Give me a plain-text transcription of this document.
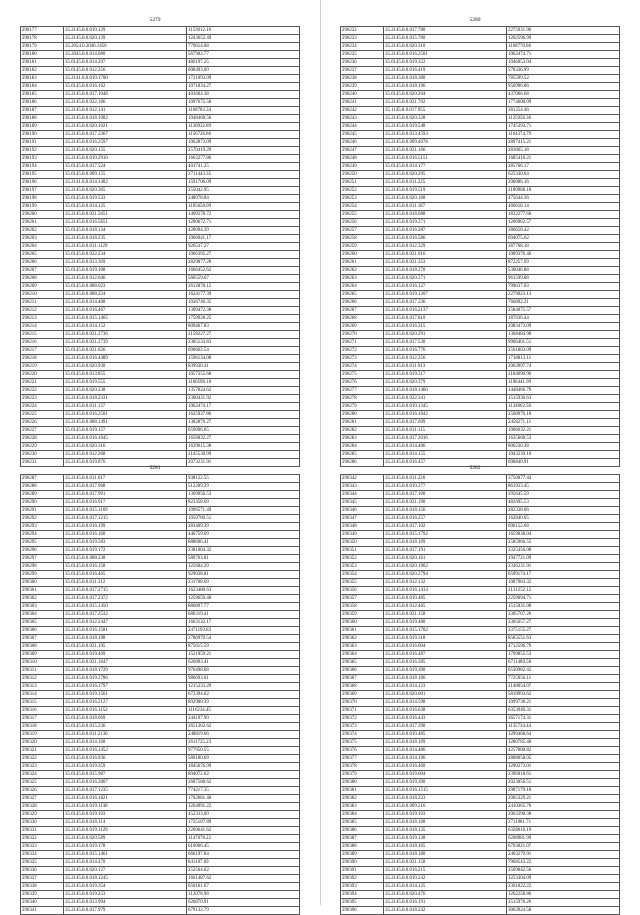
5279
290177	35.2145.8.0.010.129	1153012.16
290178	35.2145.8.0.020.139	1243652.49
290179	35.2054.0.2046.1450	779614.68
290180	35.2045.8.0.014.080	567902.77
290181	35.0145.8.0.014.207	486197.25
290182	35.0145.8.0.012.256	608493.09
290183	35.2141.8.0.010.1700	1721093.09
290184	35.0145.8.0.016.162	1071834.27
290185	35.2145.8.0.017.1048	403684.38
290186	35.2145.8.0.022.186	1097675.58
290187	35.2145.8.0.012.141	1168783.34
290188	35.2145.8.0.018.1082	1048468.56
290189	35.2145.8.0.020.1021	1130932.89
290190	35.2145.8.0.017.2367	1156726.86
290191	35.2145.8.0.016.2597	1062873.09
290192	35.2145.8.0.020.155	2570419.29
290193	35.2145.8.0.010.2910	1663277.86
290194	35.0145.8.0.017.524	401741.25
290195	35.0145.8.0.009.155	2711443.35
290196	35.2141.8.0.014.1482	1591706.09
290197	35.2145.8.0.020.365	255042.95
290198	35.0145.8.0.019.533	348078.84
290199	35.0145.8.0.014.125	1185658.09
290200	35.2145.8.0.021.5651	1409278.72
290201	35.2145.8.0.016.5651	1290672.71
290202	35.0145.8.0.018.134	428094.39
290203	35.2145.8.0.018.235	1066041.17
290204	35.2145.8.0.011.1129	926537.27
290205	35.0145.8.0.022.234	1066395.27
290206	35.2145.8.0.013.369	2829877.28
290207	35.0145.8.0.019.108	1666452.62
290208	35.2145.8.0.012.046	566559.67
290209	35.0145.8.0.008.623	2612878.12
290210	35.2145.8.0.008.224	1624177.39
290211	35.2145.8.0.014.408	1036740.35
290212	35.2145.8.0.016.467	1309472.38
290213	35.2145.8.0.015.1465	1759928.25
290214	35.2145.8.0.014.152	809467.83
290215	35.2145.8.0.021.2736	2158227.27
290216	35.2145.8.0.021.2739	2385133.83
290217	35.0145.8.0.021.626	690662.54
290218	35.2145.8.0.016.4489	1596134.08
290219	35.2145.8.0.020.930	839930.41
290220	35.0145.8.0.013.855	1057355.68
290221	35.2145.8.0.019.555	1166598.18
290222	35.2145.8.0.020.238	1357824.62
290223	35.2145.8.0.018.2331	2300431.92
290224	35.2145.8.0.011.137	1062474.17
290225	35.2145.8.0.016.2501	1625937.86
290226	35.2145.8.0.008.1491	1382879.27
290227	35.0145.8.0.019.157	659096.65
290228	35.2145.8.0.016.1045	1656832.27
290229	35.2145.8.0.020.316	1639615.38
290230	35.2145.8.0.012.268	2145530.99
290231	35.2145.8.0.019.876	2073231.91
5280
290232	35.2145.8.0.017.780	2275931.96
290233	35.2145.8.0.015.780	1202596.99
290234	35.2145.8.0.020.310	1168770.86
290235	35.2145.8.0.016.2501	1062474.71
290236	35.0145.8.0.019.322	1046053.04
290237	35.2145.8.0.016.419	578336.99
290238	35.2145.8.0.018.380	785599.52
290239	35.2145.8.0.018.196	956996.06
290240	35.0145.8.0.020.204	437066.68
290241	35.2145.8.0.021.702	1774600.09
290242	35.1145.8.0.017.955	381254.46
290243	35.2145.8.0.020.328	1125956.36
290244	35.2145.8.0.019.548	1745393.71
290245	35.2145.8.0.013.4593	1164374.79
290246	35.2145.8.0.009.4078	2897415.21
290247	35.2145.8.0.021.166	283865.18
290248	35.2145.8.0.016.5151	1685416.21
290249	35.0145.8.0.014.177	285766.17
290250	35.2145.8.0.020.295	625330.64
290251	35.2145.8.0.011.225	200086.16
290252	35.2145.8.0.019.519	2180968.18
290253	35.2145.8.0.020.168	475644.36
290254	35.2145.8.0.011.187	466618.14
290255	35.2145.8.0.018.688	1832277.60
290256	35.2145.8.0.019.271	1206962.57
290257	35.2145.8.0.016.287	386658.42
290258	35.2145.8.0.016.586	694075.62
290259	35.2145.8.0.012.329	387768.18
290260	35.2145.8.0.021.916	1089376.46
290261	35.2145.8.0.021.353	872257.09
290262	35.2145.8.0.018.270	530046.88
290263	35.2145.8.0.020.271	961599.88
290264	35.2145.8.0.016.127	799637.03
290265	35.2145.8.0.019.1307	2279023.13
290266	35.2145.8.0.017.236	766892.21
290267	35.2145.8.0.016.2137	2584075.57
290268	35.2145.8.0.017.810	187636.44
290269	35.2145.8.0.016.315	2083473.09
290270	35.2145.8.0.020.291	1368484.98
290271	35.2145.8.0.017.530	9966401.51
290272	35.2145.8.0.016.776	2561803.09
290273	35.2145.8.0.012.256	1718813.11
290274	35.2145.8.0.011.913	2063997.74
290275	35.2145.8.0.019.317	2184690.96
290276	35.2145.8.0.020.379	1196441.09
290277	35.2145.8.0.018.1460	1448466.79
290278	35.2145.8.0.022.341	1515930.63
290279	35.2145.8.0.010.1345	1134662.50
290280	35.2145.8.0.016.1042	2568976.18
290281	35.2145.8.0.017.699	2458271.11
290282	35.2145.8.0.011.115	1006632.21
290283	35.2145.8.0.017.2016	1635668.53
290284	35.2145.8.0.014.406	806230.38
290285	35.2145.8.0.014.155	1043239.10
290286	35.2145.8.0.016.457	696840.91
5281
290287	35.2145.8.0.011.017	938122.55
290288	35.2145.8.0.017.968	512209.29
290289	35.2145.8.0.017.991	1309950.53
290290	35.2145.8.0.016.917	823358.69
290291	35.2145.8.0.015.1169	1096571.49
290292	35.2145.8.0.017.1215	1050780.51
290293	35.2145.8.0.016.199	283409.39
290294	35.2145.8.0.016.160	446759.09
290295	35.2145.8.0.019.583	888606.41
290296	35.2145.8.0.019.172	2381004.32
290297	35.0145.8.0.008.238	580763.81
290298	35.0145.8.0.016.158	325604.29
290299	35.0145.8.0.016.465	929038.81
290300	35.0145.8.0.011.312	231708.69
290301	35.2145.8.0.017.2715	1623480.63
290302	35.2145.8.0.017.2372	1259659.48
290303	35.2145.8.0.015.1450	886897.77
290304	35.2145.8.0.017.2532	686319.41
290305	35.2145.8.0.012.2447	1663132.17
290306	35.2145.8.0.016.1581	2471193.83
290307	35.2145.8.0.018.198	2786979.54
290308	35.0145.8.0.021.195	875615.59
290309	35.2145.8.0.019.469	1521959.21
290310	35.2145.8.0.021.1847	626893.41
290311	35.2145.8.0.018.1729	976498.08
290312	35.2145.8.0.019.2786	986693.01
290313	35.2145.8.0.016.1797	1215233.29
290314	35.2145.8.0.019.1561	672394.62
290315	35.2145.8.0.016.2127	892980.39
290316	35.2145.8.0.016.1152	1116234.45
290317	35.0145.8.0.018.669	344197.90
290318	35.0145.8.0.015.236	2651362.62
290319	35.2145.8.0.011.2130	248819.66
290320	35.2145.8.0.014.168	2611725.23
290321	35.2145.8.0.016.1452	977950.55
290322	35.0145.8.0.016.936	580180.69
290323	35.2145.8.0.019.359	1845676.99
290324	35.0145.8.0.015.987	894072.62
290325	35.2145.8.0.016.2807	2687588.62
290326	35.2145.8.0.017.1235	774217.35
290327	35.2145.8.0.016.1821	1702681.40
290328	35.2145.8.0.019.1138	3264991.22
290329	35.0145.8.0.019.103	452333.09
290330	35.2145.8.0.018.114	1725107.89
290331	35.2145.8.0.019.1129	2260641.62
290332	35.2145.8.0.020.589	1147078.22
290333	35.2145.8.0.019.178	616066.45
290334	35.2145.8.0.015.1461	666197.84
290335	35.2145.8.0.014.470	841107.69
290336	35.2145.8.0.020.127	252564.62
290337	35.2145.8.0.018.1245	1661487.62
290338	35.2145.8.0.019.354	650161.67
290339	35.2145.8.0.019.253	312078.98
290340	35.2145.8.0.013.994	626870.91
290341	35.2145.8.0.017.979	679132.79
5282
290342	35.2145.8.0.011.226	3750877.44
290343	35.2145.8.0.010.277	861923.45
290344	35.2145.8.0.017.100	395645.59
290345	35.2145.8.0.021.190	482695.53
290346	35.2145.8.0.018.156	282338.06
290347	35.2145.8.0.016.257	162840.05
290348	35.2145.8.0.017.102	696152.68
290349	35.2145.8.0.015.1792	1659838.04
290350	35.2145.8.0.018.169	2585966.55
290351	35.2145.8.0.017.191	3325456.08
290352	35.2145.8.0.020.161	1947721.09
290353	35.2145.8.0.020.1962	2336231.91
290354	35.2145.8.0.020.2794	6599174.17
290355	35.2145.8.0.012.132	1087983.32
290356	35.2145.8.0.016.1414	2131252.12
290357	35.2145.8.0.010.485	2259094.71
290358	35.2145.8.0.012.465	1515031.08
290359	35.2145.8.0.021.158	3305707.26
290360	35.2145.8.0.019.480	3305657.27
290361	35.2145.8.0.015.1702	3375155.27
290362	35.2145.8.0.019.318	8583551.63
290363	35.2145.8.0.016.604	4712596.79
290364	35.2145.8.0.016.487	3799855.53
290365	35.2145.8.0.016.385	6711489.58
290366	35.2145.8.0.019.390	6530982.42
290367	35.2145.8.0.018.186	7725956.11
290368	35.2145.8.0.014.123	2148054.07
290369	35.2145.8.0.020.601	5818993.62
290370	35.2145.8.0.014.598	1099738.21
290371	35.2145.8.0.016.638	6353949.31
290372	35.2145.8.0.016.443	3657174.31
290373	35.2145.8.0.017.390	1135734.44
290374	35.2145.8.0.010.485	3299468.64
290375	35.2145.8.0.018.169	3280785.48
290376	35.2145.8.0.014.486	4257800.82
290377	35.2145.8.0.014.196	2808058.05
290378	35.2145.8.0.016.460	3290273.01
290379	35.2145.8.0.019.604	2396018.61
290380	35.2145.8.0.019.390	2023856.51
290381	35.2145.8.0.016.1515	2987179.18
290382	35.2145.8.0.018.223	2065329.21
290383	35.2145.8.0.009.216	2410365.76
290384	35.2145.8.0.019.103	2063390.38
290385	35.2145.8.0.018.168	2711081.71
290386	35.2145.8.0.018.135	6328616.19
290387	35.2145.8.0.019.138	6208981.99
290388	35.2145.8.0.018.165	6703021.07
290389	35.2145.8.0.018.180	2403279.91
290390	35.2145.8.0.021.158	7968543.22
290391	35.2145.8.0.016.215	3569042.56
290392	35.2145.8.0.010.242	3253304.09
290393	35.2145.8.0.014.125	2361022.22
290394	35.2145.8.0.020.476	3262258.86
290395	35.2145.8.0.016.191	3515978.26
290396	35.2145.8.0.018.242	3063924.58
